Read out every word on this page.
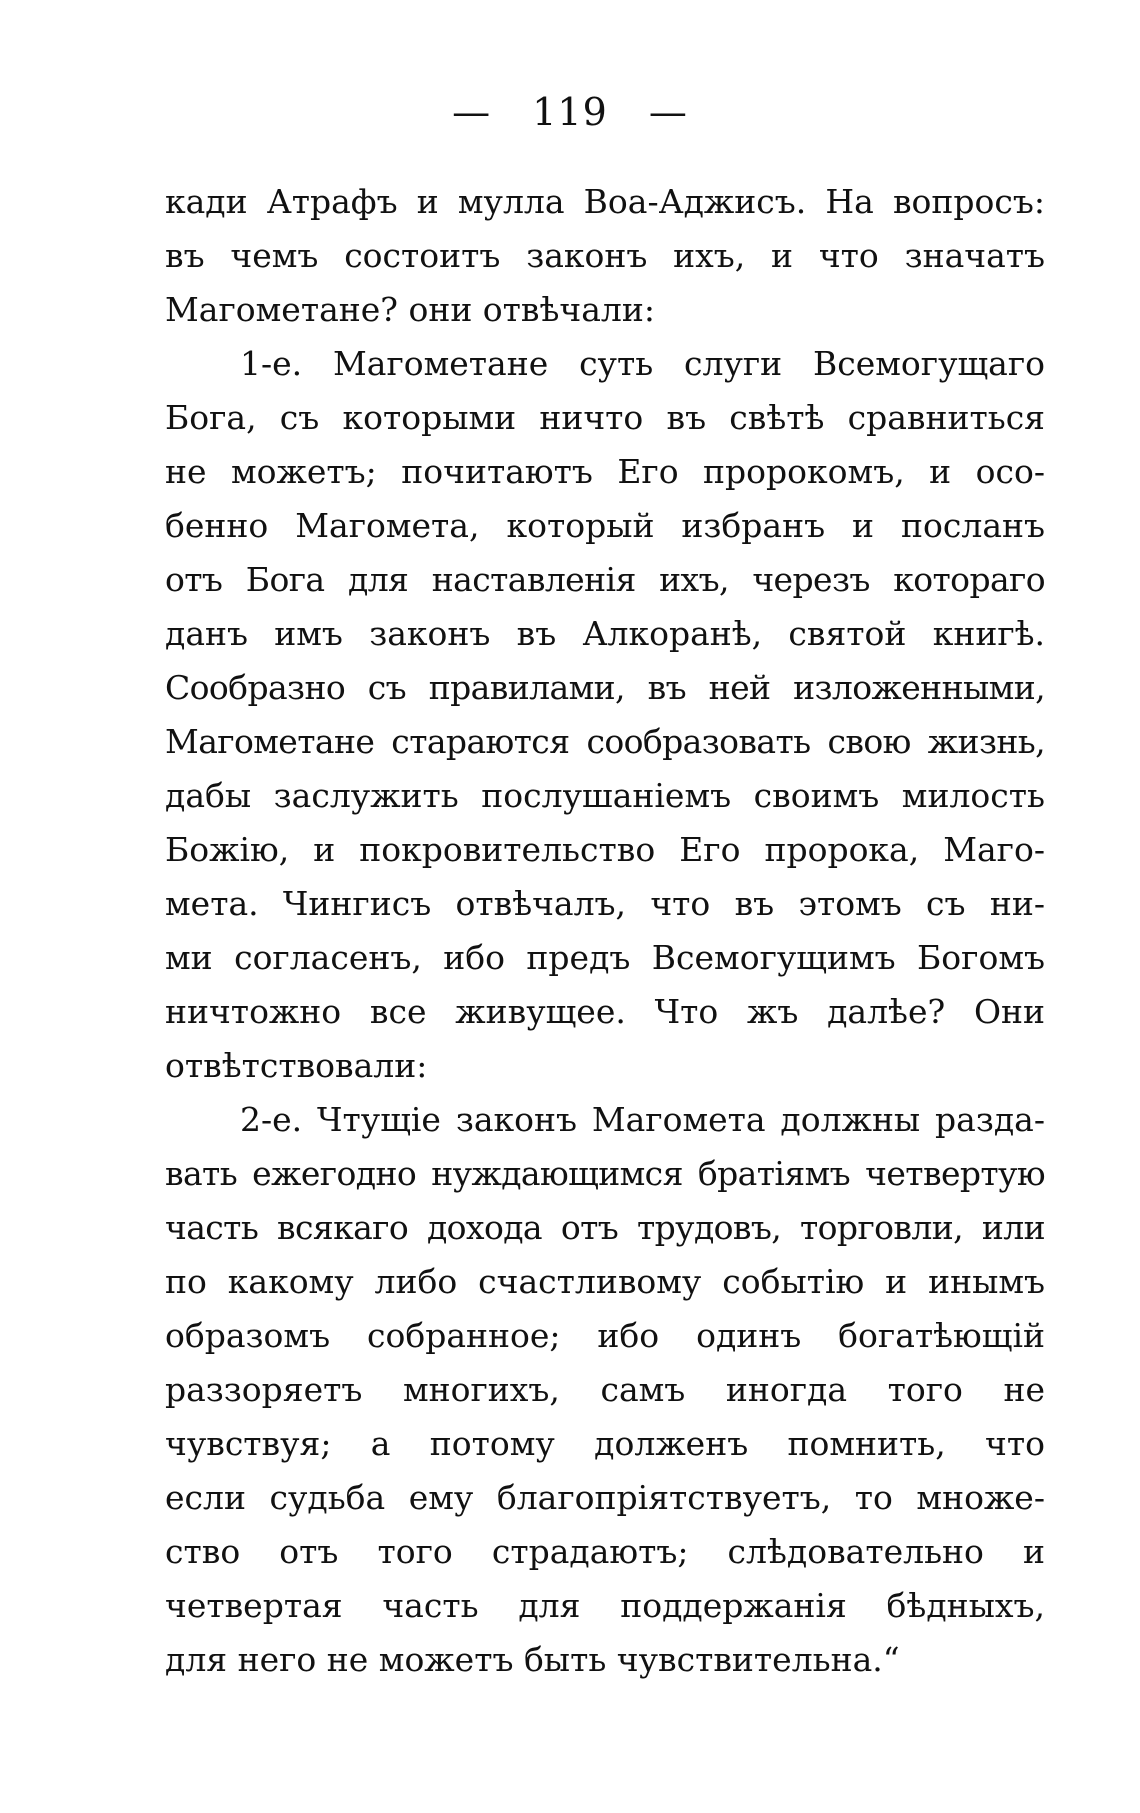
— 119 —
кади Атрафъ и мулла Воа-Аджисъ. На вопросъ:
въ чемъ состоитъ законъ ихъ, и что значатъ
Магометане? они отвѣчали:
1-е. Магометане суть слуги Всемогущаго
Бога, съ которыми ничто въ свѣтѣ сравниться
не можетъ; почитаютъ Его пророкомъ, и осо-
бенно Магомета, который избранъ и посланъ
отъ Бога для наставленія ихъ, черезъ котораго
данъ имъ законъ въ Алкоранѣ, святой книгѣ.
Сообразно съ правилами, въ ней изложенными,
Магометане стараются сообразовать свою жизнь,
дабы заслужить послушаніемъ своимъ милость
Божію, и покровительство Его пророка, Маго-
мета. Чингисъ отвѣчалъ, что въ этомъ съ ни-
ми согласенъ, ибо предъ Всемогущимъ Богомъ
ничтожно все живущее. Что жъ далѣе? Они
отвѣтствовали:
2-е. Чтущіе законъ Магомета должны разда-
вать ежегодно нуждающимся братіямъ четвертую
часть всякаго дохода отъ трудовъ, торговли, или
по какому либо счастливому событію и инымъ
образомъ собранное; ибо одинъ богатѣющій
раззоряетъ многихъ, самъ иногда того не
чувствуя; а потому долженъ помнить, что
если судьба ему благопріятствуетъ, то множе-
ство отъ того страдаютъ; слѣдовательно и
четвертая часть для поддержанія бѣдныхъ,
для него не можетъ быть чувствительна.“
